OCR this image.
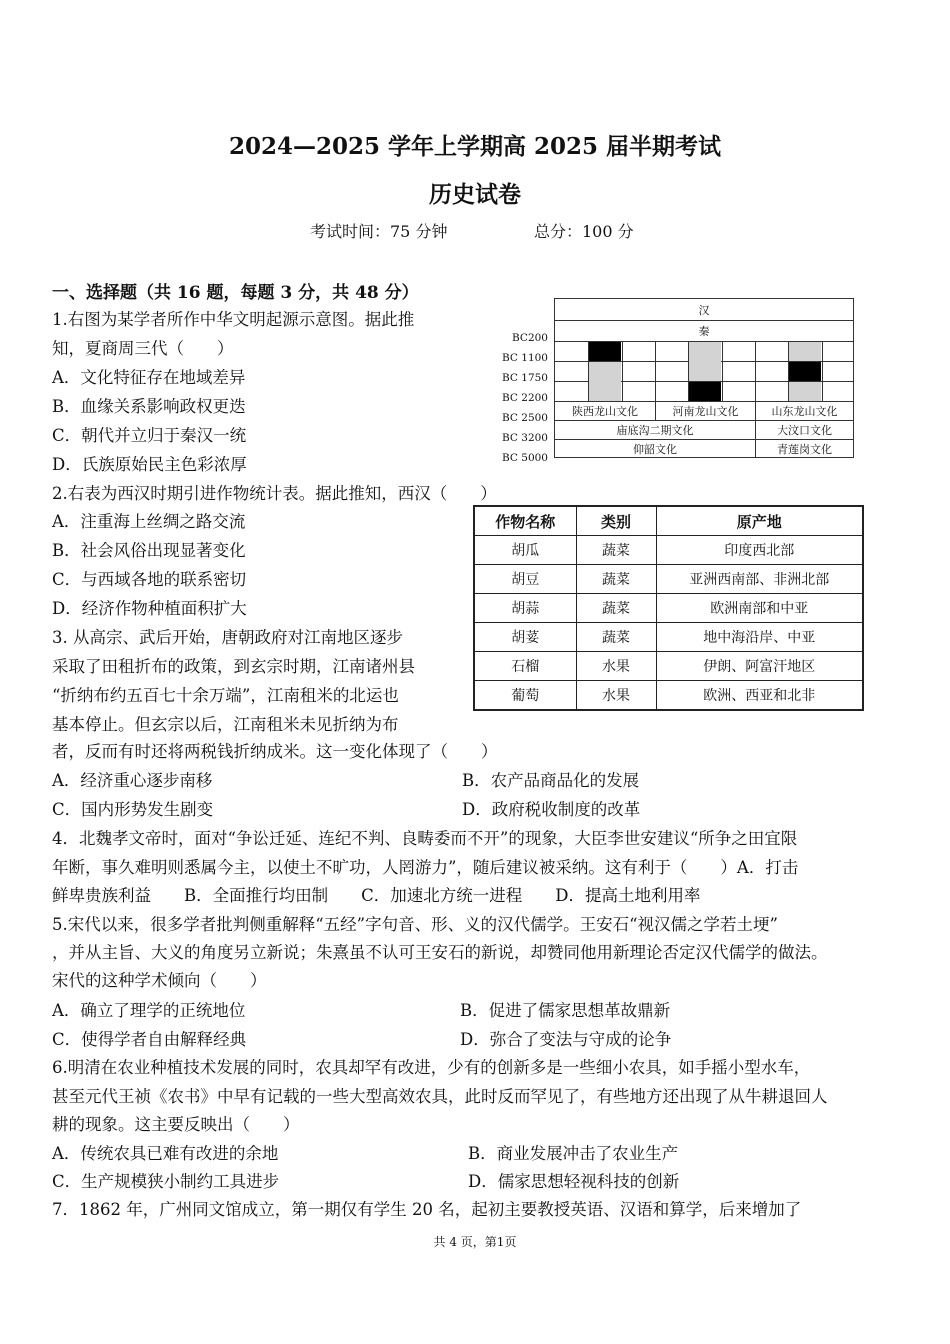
2024—2025 学年上学期高 2025 届半期考试
历史试卷
考试时间：75 分钟	总分：100 分
一、选择题（共 16 题，每题 3 分，共 48 分）
1.右图为某学者所作中华文明起源示意图。据此推
知，夏商周三代（　　）
A．文化特征存在地域差异
B．血缘关系影响政权更迭
C．朝代并立归于秦汉一统
D．氏族原始民主色彩浓厚
BC200
BC 1100
BC 1750
BC 2200
BC 2500
BC 3200
BC 5000
汉
秦
陕西龙山文化	河南龙山文化	山东龙山文化
庙底沟二期文化	大汶口文化
仰韶文化	青莲岗文化
2.右表为西汉时期引进作物统计表。据此推知，西汉（　　）
A．注重海上丝绸之路交流
B．社会风俗出现显著变化
C．与西域各地的联系密切
D．经济作物种植面积扩大
作物名称	类别	原产地
胡瓜	蔬菜	印度西北部
胡豆	蔬菜	亚洲西南部、非洲北部
胡蒜	蔬菜	欧洲南部和中亚
胡荽	蔬菜	地中海沿岸、中亚
石榴	水果	伊朗、阿富汗地区
葡萄	水果	欧洲、西亚和北非
3. 从高宗、武后开始，唐朝政府对江南地区逐步
采取了田租折布的政策，到玄宗时期，江南诸州县
“折纳布约五百七十余万端”，江南租米的北运也
基本停止。但玄宗以后，江南租米未见折纳为布
者，反而有时还将两税钱折纳成米。这一变化体现了（　　）
A．经济重心逐步南移	B．农产品商品化的发展
C．国内形势发生剧变	D．政府税收制度的改革
4．北魏孝文帝时，面对“争讼迁延、连纪不判、良畴委而不开”的现象，大臣李世安建议“所争之田宜限
年断，事久难明则悉属今主，以使土不旷功，人罔游力”，随后建议被采纳。这有利于（　　）A．打击
鲜卑贵族利益　　B．全面推行均田制　　C．加速北方统一进程　　D．提高土地利用率
5.宋代以来，很多学者批判侧重解释“五经”字句音、形、义的汉代儒学。王安石“视汉儒之学若土埂”
，并从主旨、大义的角度另立新说；朱熹虽不认可王安石的新说，却赞同他用新理论否定汉代儒学的做法。
宋代的这种学术倾向（　　）
A．确立了理学的正统地位	B．促进了儒家思想革故鼎新
C．使得学者自由解释经典	D．弥合了变法与守成的论争
6.明清在农业种植技术发展的同时，农具却罕有改进，少有的创新多是一些细小农具，如手摇小型水车，
甚至元代王祯《农书》中早有记载的一些大型高效农具，此时反而罕见了，有些地方还出现了从牛耕退回人
耕的现象。这主要反映出（　　）
A．传统农具已难有改进的余地	B．商业发展冲击了农业生产
C．生产规模狭小制约工具进步	D．儒家思想轻视科技的创新
7．1862 年，广州同文馆成立，第一期仅有学生 20 名，起初主要教授英语、汉语和算学，后来增加了
共 4 页，第1页
